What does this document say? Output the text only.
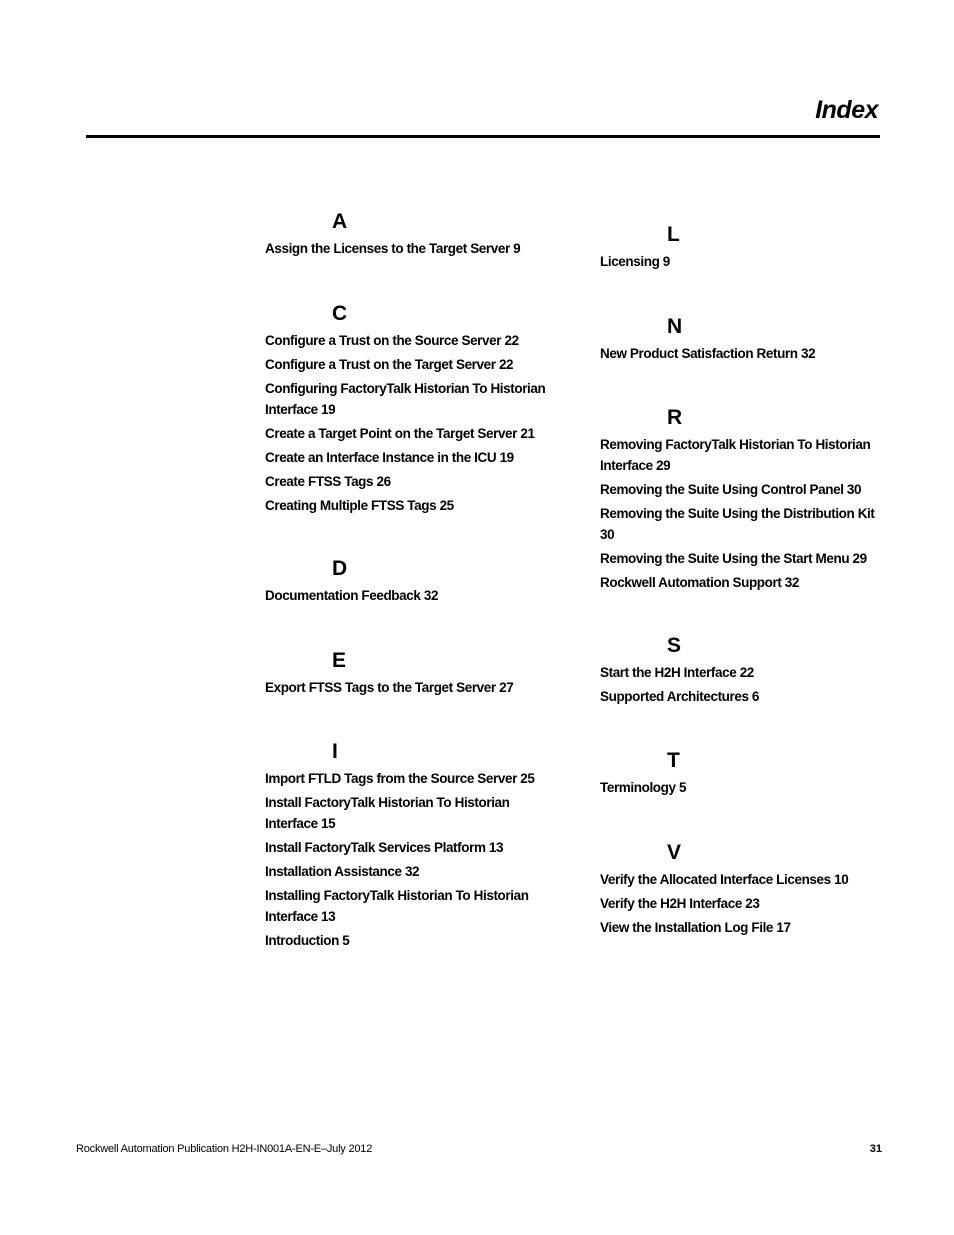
Index
A
Assign the Licenses to the Target Server 9
C
Configure a Trust on the Source Server 22
Configure a Trust on the Target Server 22
Configuring FactoryTalk Historian To Historian Interface 19
Create a Target Point on the Target Server 21
Create an Interface Instance in the ICU 19
Create FTSS Tags 26
Creating Multiple FTSS Tags 25
D
Documentation Feedback 32
E
Export FTSS Tags to the Target Server 27
I
Import FTLD Tags from the Source Server 25
Install FactoryTalk Historian To Historian Interface 15
Install FactoryTalk Services Platform 13
Installation Assistance 32
Installing FactoryTalk Historian To Historian Interface 13
Introduction 5
L
Licensing 9
N
New Product Satisfaction Return 32
R
Removing FactoryTalk Historian To Historian Interface 29
Removing the Suite Using Control Panel 30
Removing the Suite Using the Distribution Kit 30
Removing the Suite Using the Start Menu 29
Rockwell Automation Support 32
S
Start the H2H Interface 22
Supported Architectures 6
T
Terminology 5
V
Verify the Allocated Interface Licenses 10
Verify the H2H Interface 23
View the Installation Log File 17
Rockwell Automation Publication H2H-IN001A-EN-E–July 2012	31
